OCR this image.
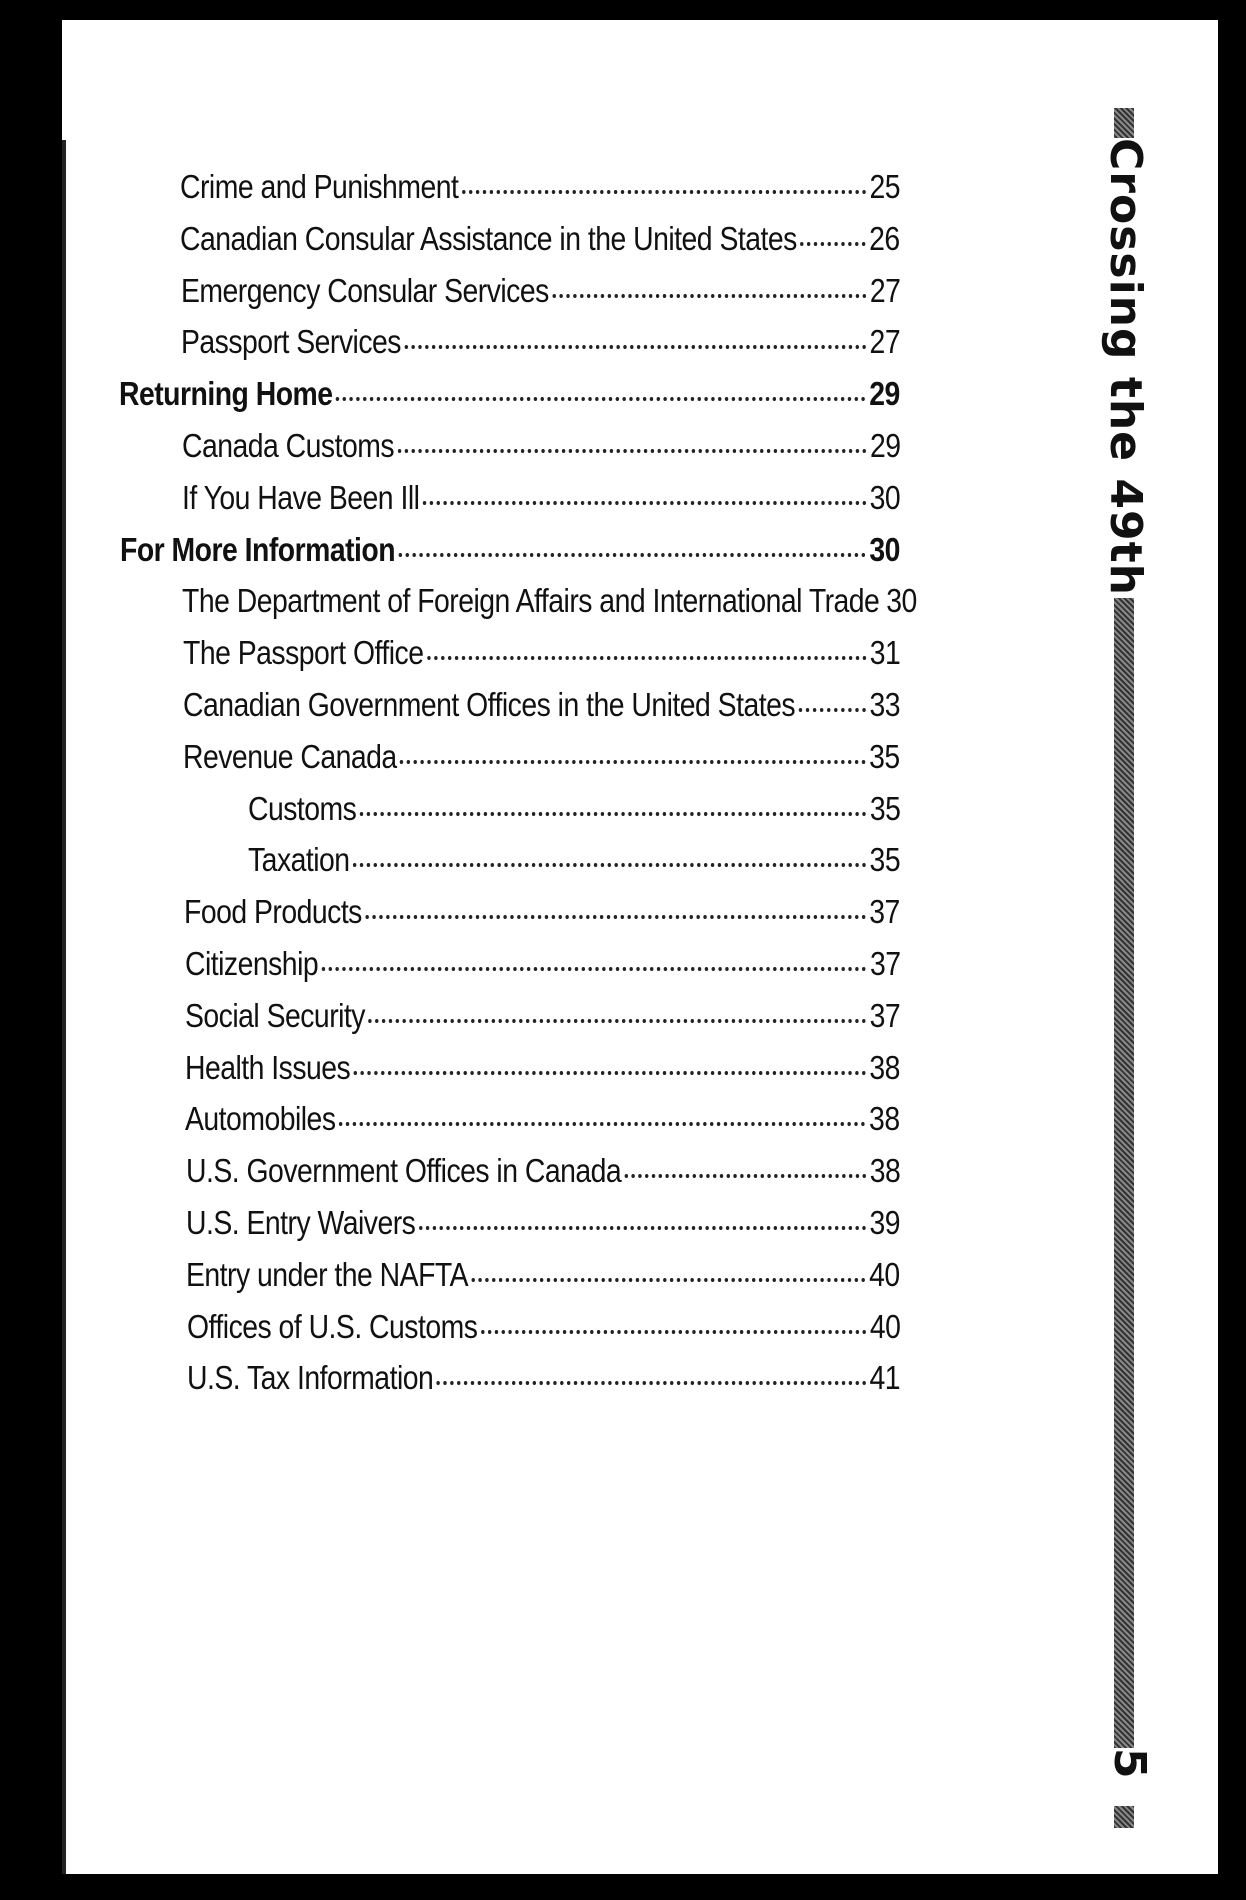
Crime and Punishment	25
Canadian Consular Assistance in the United States 26
Emergency Consular Services	27
Passport Services	27
Returning Home	29
Canada Customs	29
If You Have Been Ill	30
For More Information	30
The Department of Foreign Affairs and International Trade 30
The Passport Office	31
Canadian Government Offices in the United States 33
Revenue Canada	35
Customs	35
Taxation	35
Food Products	37
Citizenship	37
Social Security	37
Health Issues	38
Automobiles	38
U.S. Government Offices in Canada	38
U.S. Entry Waivers	39
Entry under the NAFTA	40
Offices of U.S. Customs	40
U.S. Tax Information	41
Crossing the 49th
5
